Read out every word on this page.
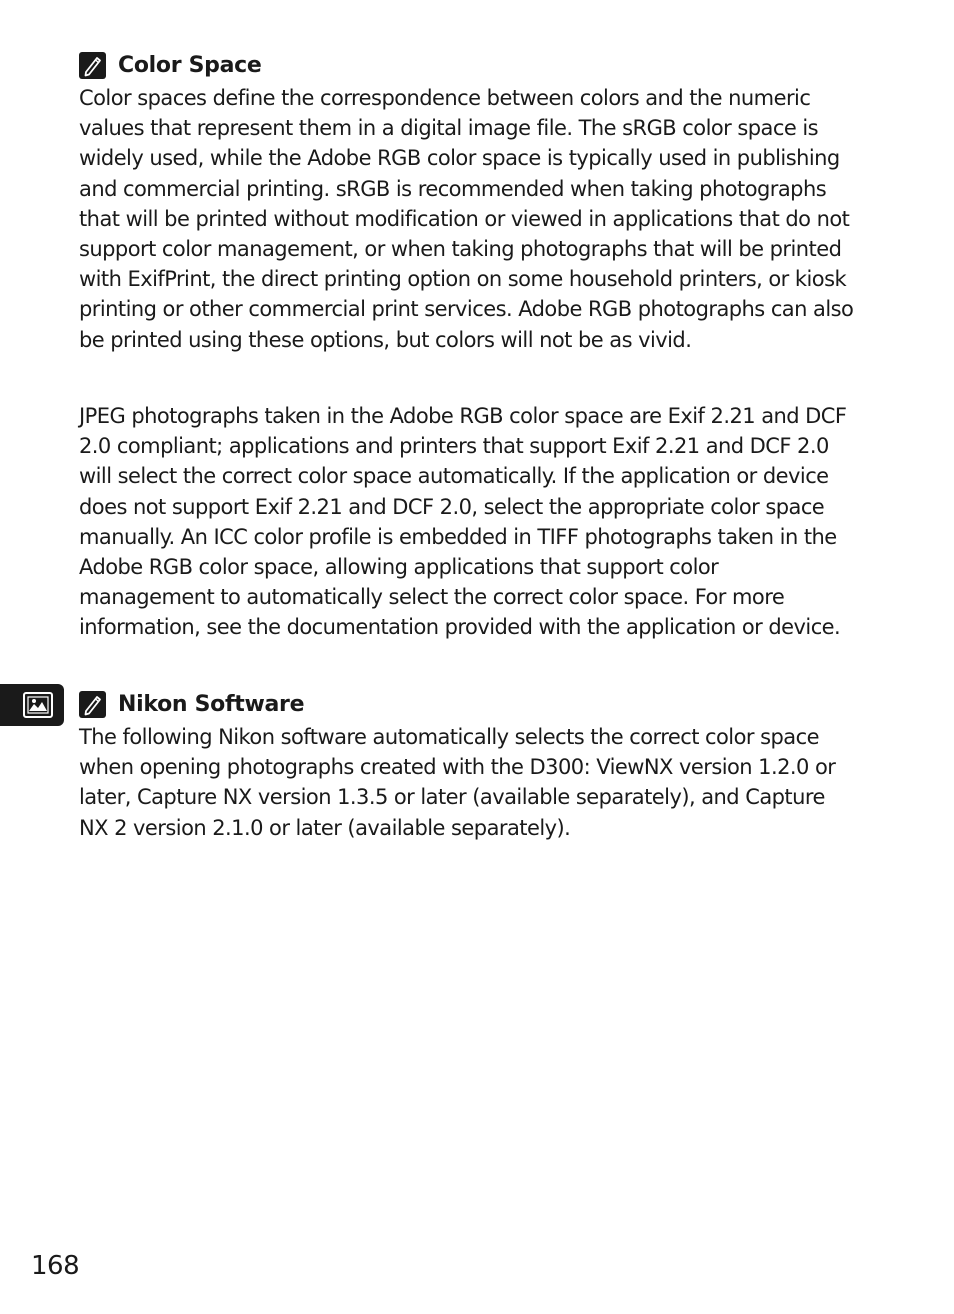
Color Space

Color spaces define the correspondence between colors and the numeric values that represent them in a digital image file. The sRGB color space is widely used, while the Adobe RGB color space is typically used in publishing and commercial printing. sRGB is recommended when taking photographs that will be printed without modification or viewed in applications that do not support color management, or when taking photographs that will be printed with ExifPrint, the direct printing option on some household printers, or kiosk printing or other commercial print services. Adobe RGB photographs can also be printed using these options, but colors will not be as vivid.

JPEG photographs taken in the Adobe RGB color space are Exif 2.21 and DCF 2.0 compliant; applications and printers that support Exif 2.21 and DCF 2.0 will select the correct color space automatically. If the application or device does not support Exif 2.21 and DCF 2.0, select the appropriate color space manually. An ICC color profile is embedded in TIFF photographs taken in the Adobe RGB color space, allowing applications that support color management to automatically select the correct color space. For more information, see the documentation provided with the application or device.

Nikon Software

The following Nikon software automatically selects the correct color space when opening photographs created with the D300: ViewNX version 1.2.0 or later, Capture NX version 1.3.5 or later (available separately), and Capture NX 2 version 2.1.0 or later (available separately).

168
